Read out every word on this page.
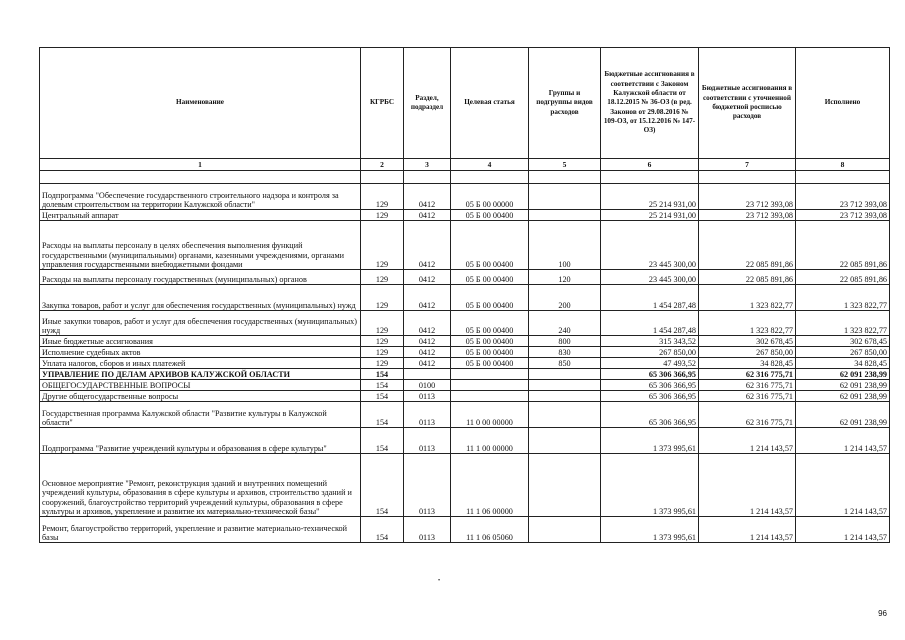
Наименование	КГРБС	Раздел, подраздел	Целевая статья	Группы и подгруппы видов расходов	Бюджетные ассигнования в соответствии с Законом Калужской области от 18.12.2015 № 36-ОЗ (в ред. Законов от 29.08.2016 № 109-ОЗ, от 15.12.2016 № 147-ОЗ)	Бюджетные ассигнования в соответствии с уточненной бюджетной росписью расходов	Исполнено
1	2	3	4	5	6	7	8

Подпрограмма "Обеспечение государственного строительного надзора и контроля за долевым строительством на территории Калужской области"	129	0412	05 Б 00 00000		25 214 931,00	23 712 393,08	23 712 393,08
Центральный аппарат	129	0412	05 Б 00 00400		25 214 931,00	23 712 393,08	23 712 393,08
Расходы на выплаты персоналу в целях обеспечения выполнения функций государственными (муниципальными) органами, казенными учреждениями, органами управления государственными внебюджетными фондами	129	0412	05 Б 00 00400	100	23 445 300,00	22 085 891,86	22 085 891,86
Расходы на выплаты персоналу государственных (муниципальных) органов	129	0412	05 Б 00 00400	120	23 445 300,00	22 085 891,86	22 085 891,86
Закупка товаров, работ и услуг для обеспечения государственных (муниципальных) нужд	129	0412	05 Б 00 00400	200	1 454 287,48	1 323 822,77	1 323 822,77
Иные закупки товаров, работ и услуг для обеспечения государственных (муниципальных) нужд	129	0412	05 Б 00 00400	240	1 454 287,48	1 323 822,77	1 323 822,77
Иные бюджетные ассигнования	129	0412	05 Б 00 00400	800	315 343,52	302 678,45	302 678,45
Исполнение судебных актов	129	0412	05 Б 00 00400	830	267 850,00	267 850,00	267 850,00
Уплата налогов, сборов и иных платежей	129	0412	05 Б 00 00400	850	47 493,52	34 828,45	34 828,45
УПРАВЛЕНИЕ ПО ДЕЛАМ АРХИВОВ КАЛУЖСКОЙ ОБЛАСТИ	154				65 306 366,95	62 316 775,71	62 091 238,99
ОБЩЕГОСУДАРСТВЕННЫЕ ВОПРОСЫ	154	0100			65 306 366,95	62 316 775,71	62 091 238,99
Другие общегосударственные вопросы	154	0113			65 306 366,95	62 316 775,71	62 091 238,99
Государственная программа Калужской области "Развитие культуры в Калужской области"	154	0113	11 0 00 00000		65 306 366,95	62 316 775,71	62 091 238,99
Подпрограмма "Развитие учреждений культуры и образования в сфере культуры"	154	0113	11 1 00 00000		1 373 995,61	1 214 143,57	1 214 143,57
Основное мероприятие "Ремонт, реконструкция зданий и внутренних помещений учреждений культуры, образования в сфере культуры и архивов, строительство зданий и сооружений, благоустройство территорий учреждений культуры, образования в сфере культуры и архивов, укрепление и развитие их материально-технической базы"	154	0113	11 1 06 00000		1 373 995,61	1 214 143,57	1 214 143,57
Ремонт, благоустройство территорий, укрепление и развитие материально-технической базы	154	0113	11 1 06 05060		1 373 995,61	1 214 143,57	1 214 143,57
•
96
